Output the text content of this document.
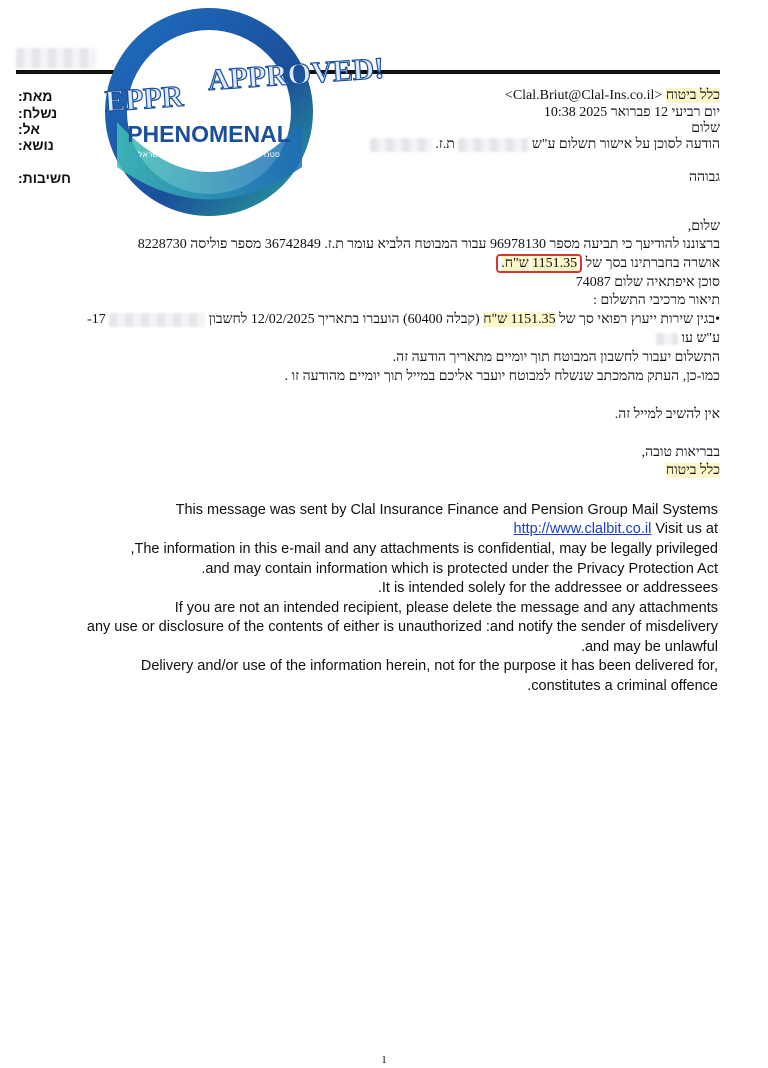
מאת:
נשלח:
אל:
נושא:
חשיבות:
כלל ביטוח <Clal.Briut@Clal-Ins.co.il>
יום רביעי 12 פברואר 2025 10:38
שלום
הודעה לסוכן על אישור תשלום ע"ש  ת.ז.
גבוהה
EPPR
APPROVED!
PHENOMENAL
סטנדרט הביטוח והפיננסים הגבוה בישראל
שלום,
ברצוננו להודיעך כי תביעה מספר 96978130 עבור המבוטח הלביא עומר ת.ז. 36742849 מספר פוליסה 8228730
אושרה בחברתינו בסך של 1151.35 ש"ח.
סוכן איפתאיה שלום 74087
תיאור מרכיבי התשלום :
•בגין שירות ייעוץ רפואי סך של 1151.35 ש"ח (קבלה 60400) הועברו בתאריך 12/02/2025 לחשבון  17-
ע"ש עו
התשלום יעבור לחשבון המבוטח תוך יומיים מתאריך הודעה זה.
כמו-כן, העתק מהמכתב שנשלח למבוטח יועבר אליכם במייל תוך יומיים מהודעה זו .
אין להשיב למייל זה.
בבריאות טובה,
כלל ביטוח
This message was sent by Clal Insurance Finance and Pension Group Mail Systems
http://www.clalbit.co.il Visit us at
,The information in this e-mail and any attachments is confidential, may be legally privileged
.and may contain information which is protected under the Privacy Protection Act
.It is intended solely for the addressee or addressees
If you are not an intended recipient, please delete the message and any attachments
any use or disclosure of the contents of either is unauthorized :and notify the sender of misdelivery
.and may be unlawful
Delivery and/or use of the information herein, not for the purpose it has been delivered for,
.constitutes a criminal offence
1
